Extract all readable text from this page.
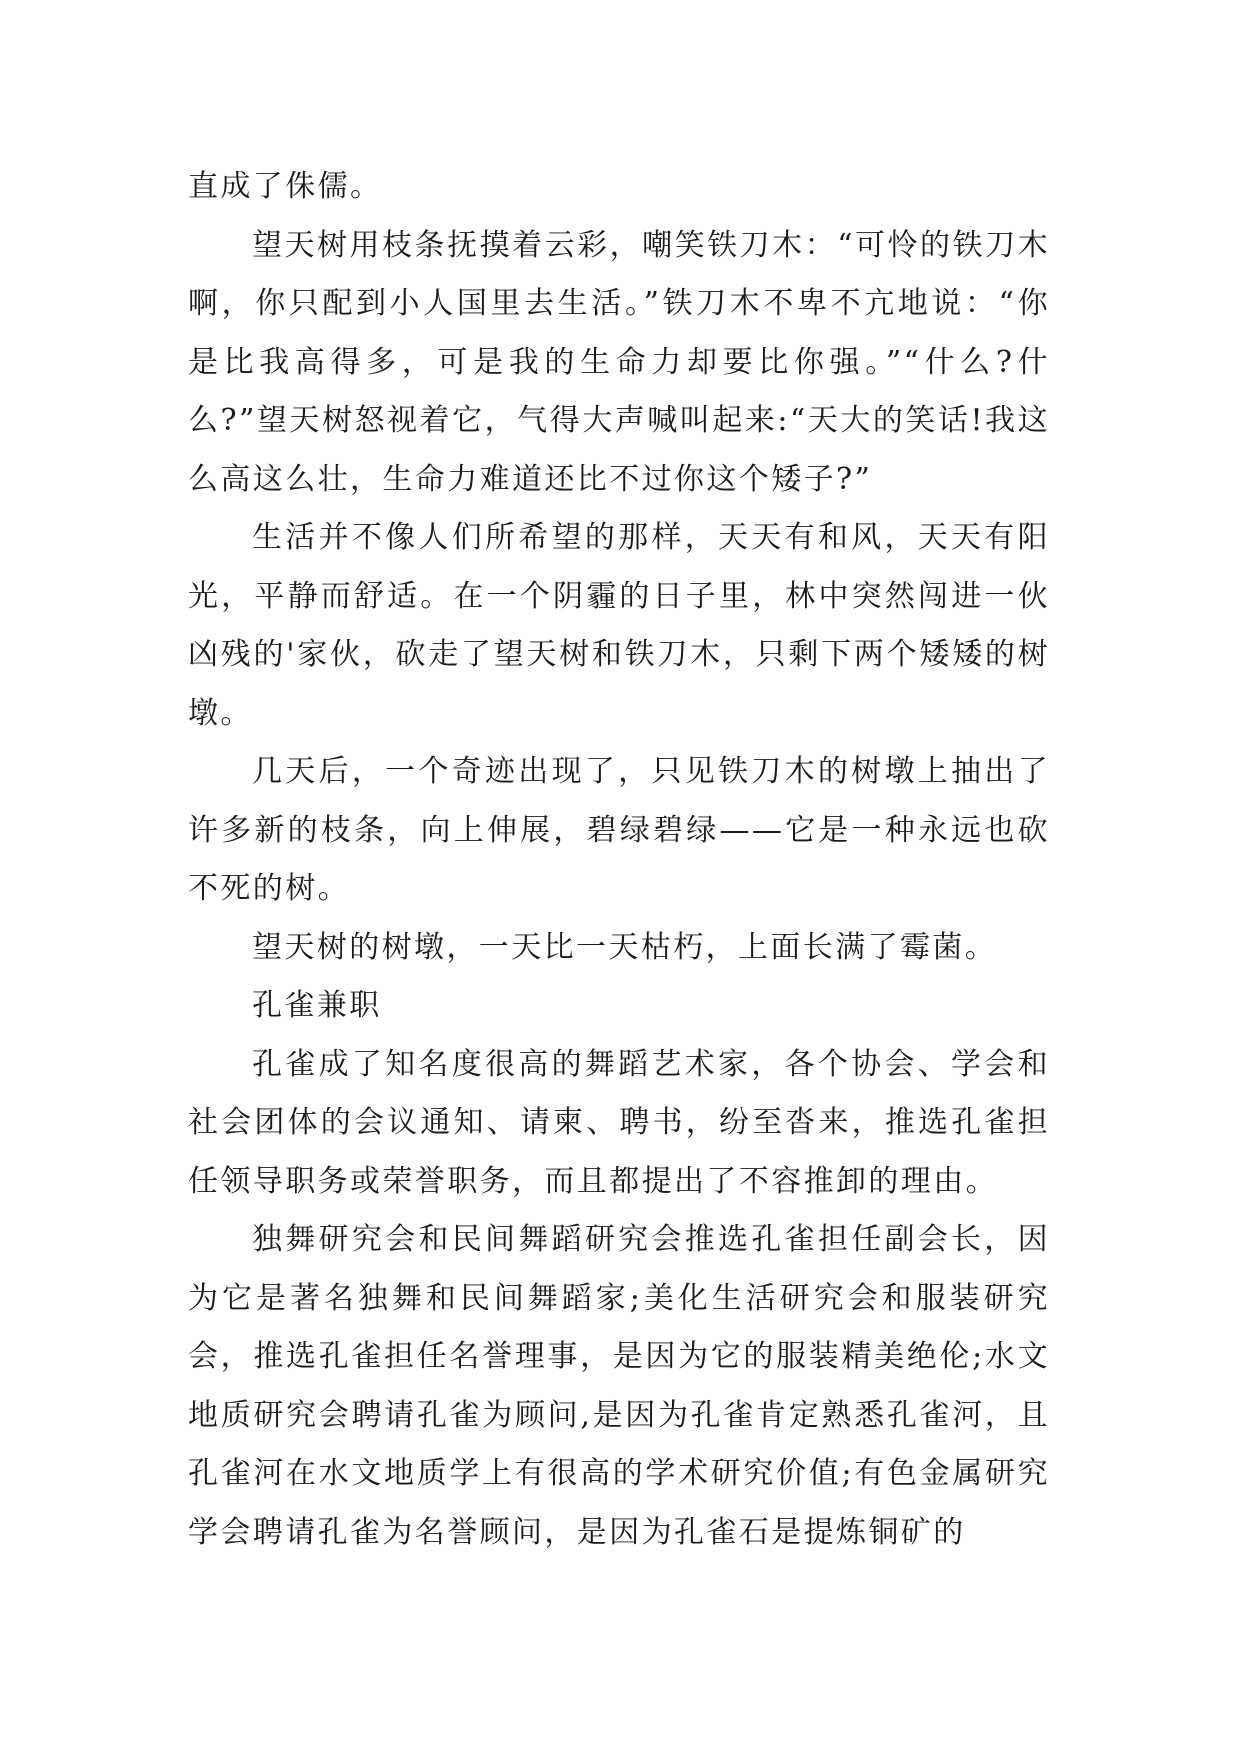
直成了侏儒。

望天树用枝条抚摸着云彩，嘲笑铁刀木：“可怜的铁刀木啊，你只配到小人国里去生活。”铁刀木不卑不亢地说：“你是比我高得多，可是我的生命力却要比你强。”“什么?什么?”望天树怒视着它，气得大声喊叫起来:“天大的笑话!我这么高这么壮，生命力难道还比不过你这个矮子?”

生活并不像人们所希望的那样，天天有和风，天天有阳光，平静而舒适。在一个阴霾的日子里，林中突然闯进一伙凶残的'家伙，砍走了望天树和铁刀木，只剩下两个矮矮的树墩。

几天后，一个奇迹出现了，只见铁刀木的树墩上抽出了许多新的枝条，向上伸展，碧绿碧绿——它是一种永远也砍不死的树。

望天树的树墩，一天比一天枯朽，上面长满了霉菌。

孔雀兼职

孔雀成了知名度很高的舞蹈艺术家，各个协会、学会和社会团体的会议通知、请柬、聘书，纷至沓来，推选孔雀担任领导职务或荣誉职务，而且都提出了不容推卸的理由。

独舞研究会和民间舞蹈研究会推选孔雀担任副会长，因为它是著名独舞和民间舞蹈家;美化生活研究会和服装研究会，推选孔雀担任名誉理事，是因为它的服装精美绝伦;水文地质研究会聘请孔雀为顾问,是因为孔雀肯定熟悉孔雀河，且孔雀河在水文地质学上有很高的学术研究价值;有色金属研究学会聘请孔雀为名誉顾问，是因为孔雀石是提炼铜矿的
